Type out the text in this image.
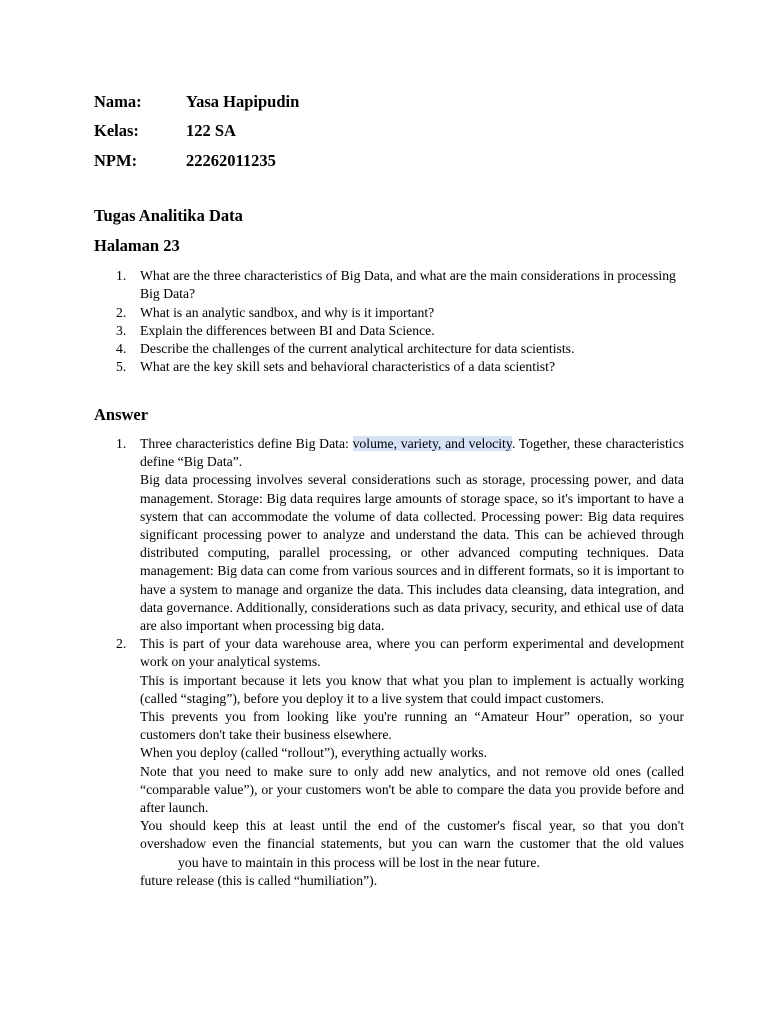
Nama:	Yasa Hapipudin
Kelas:	122 SA
NPM:	22262011235
Tugas Analitika Data
Halaman 23
1. What are the three characteristics of Big Data, and what are the main considerations in processing Big Data?
2. What is an analytic sandbox, and why is it important?
3. Explain the differences between BI and Data Science.
4. Describe the challenges of the current analytical architecture for data scientists.
5. What are the key skill sets and behavioral characteristics of a data scientist?
Answer
1. Three characteristics define Big Data: volume, variety, and velocity. Together, these characteristics define “Big Data”.
Big data processing involves several considerations such as storage, processing power, and data management. Storage: Big data requires large amounts of storage space, so it's important to have a system that can accommodate the volume of data collected. Processing power: Big data requires significant processing power to analyze and understand the data. This can be achieved through distributed computing, parallel processing, or other advanced computing techniques. Data management: Big data can come from various sources and in different formats, so it is important to have a system to manage and organize the data. This includes data cleansing, data integration, and data governance. Additionally, considerations such as data privacy, security, and ethical use of data are also important when processing big data.
2. This is part of your data warehouse area, where you can perform experimental and development work on your analytical systems.
This is important because it lets you know that what you plan to implement is actually working (called “staging”), before you deploy it to a live system that could impact customers.
This prevents you from looking like you're running an “Amateur Hour” operation, so your customers don't take their business elsewhere.
When you deploy (called “rollout”), everything actually works.
Note that you need to make sure to only add new analytics, and not remove old ones (called “comparable value”), or your customers won't be able to compare the data you provide before and after launch.
You should keep this at least until the end of the customer's fiscal year, so that you don't overshadow even the financial statements, but you can warn the customer that the old valuesyou have to maintain in this process will be lost in the near future.
future release (this is called “humiliation”).
